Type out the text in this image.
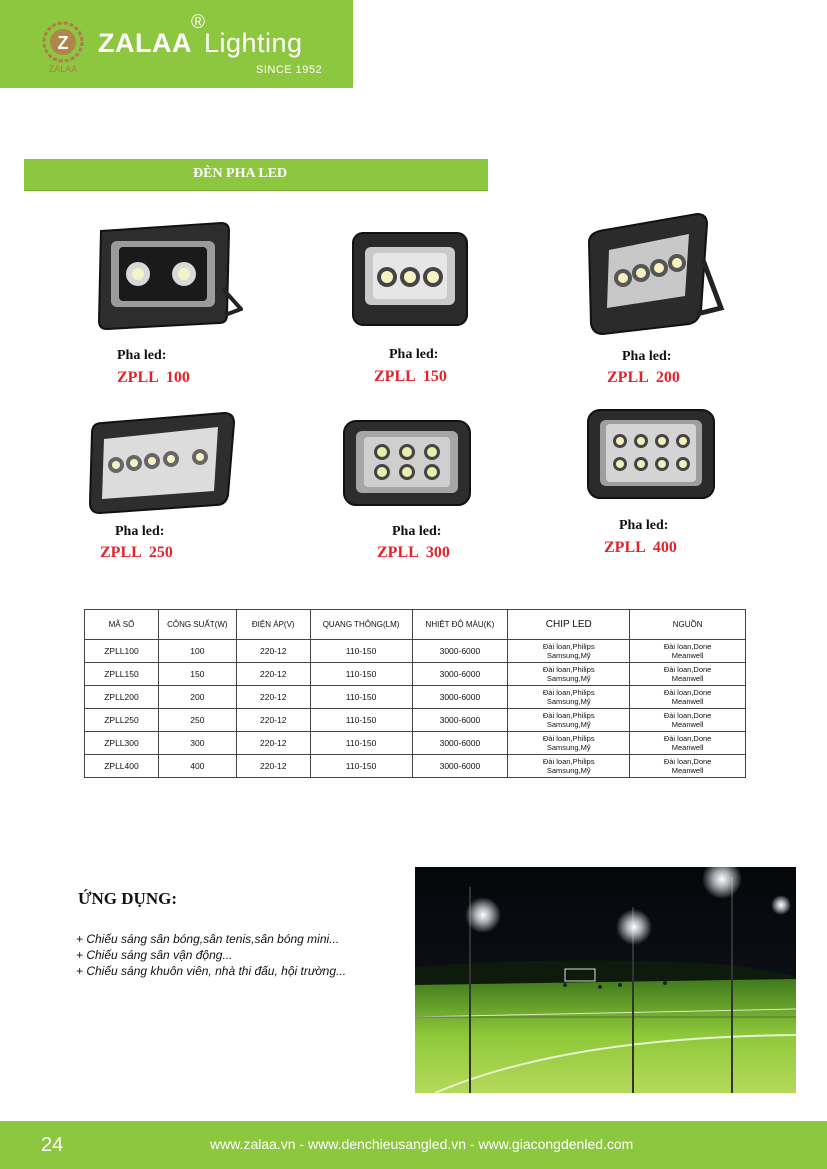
Z
ZALAA
ZALAA
®
Lighting
SINCE 1952
ĐÈN PHA LED
Pha led:
ZPLL  100
Pha led:
ZPLL  150
Pha led:
ZPLL  200
Pha led:
ZPLL  250
Pha led:
ZPLL  300
Pha led:
ZPLL  400
MÃ SỐ	CÔNG SUẤT(W)	ĐIỆN ÁP(V)	QUANG THÔNG(LM)	NHIỆT ĐỘ MÀU(K)	CHIP LED	NGUỒN
ZPLL100	100	220-12	110-150	3000-6000	Đài loan,Philips
Samsung,Mỹ	Đài loan,Done
Meanwell
ZPLL150	150	220-12	110-150	3000-6000	Đài loan,Philips
Samsung,Mỹ	Đài loan,Done
Meanwell
ZPLL200	200	220-12	110-150	3000-6000	Đài loan,Philips
Samsung,Mỹ	Đài loan,Done
Meanwell
ZPLL250	250	220-12	110-150	3000-6000	Đài loan,Philips
Samsung,Mỹ	Đài loan,Done
Meanwell
ZPLL300	300	220-12	110-150	3000-6000	Đài loan,Philips
Samsung,Mỹ	Đài loan,Done
Meanwell
ZPLL400	400	220-12	110-150	3000-6000	Đài loan,Philips
Samsung,Mỹ	Đài loan,Done
Meanwell
ỨNG DỤNG:
+ Chiếu sáng sân bóng,sân tenis,sân bóng mini...
+ Chiếu sáng sân vận động...
+ Chiếu sáng khuôn viên, nhà thi đấu, hội trường...
24	www.zalaa.vn - www.denchieusangled.vn - www.giacongdenled.com
